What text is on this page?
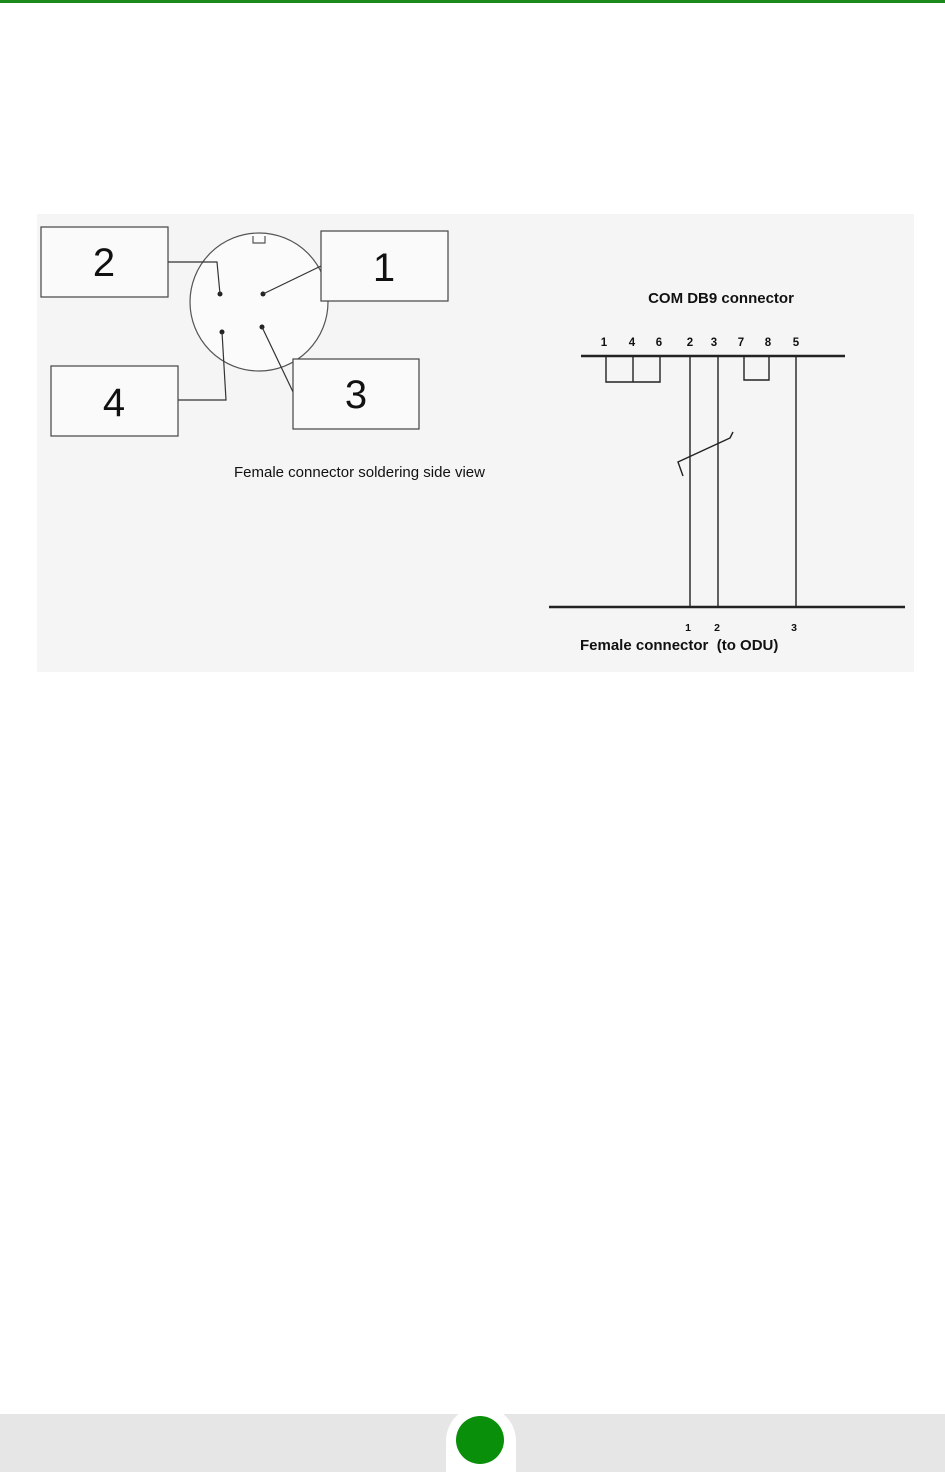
2	1
4	3
Female connector soldering side view
COM DB9 connector
1 4 6 2 3 7 8 5
1 2	3
Female connector  (to ODU)
